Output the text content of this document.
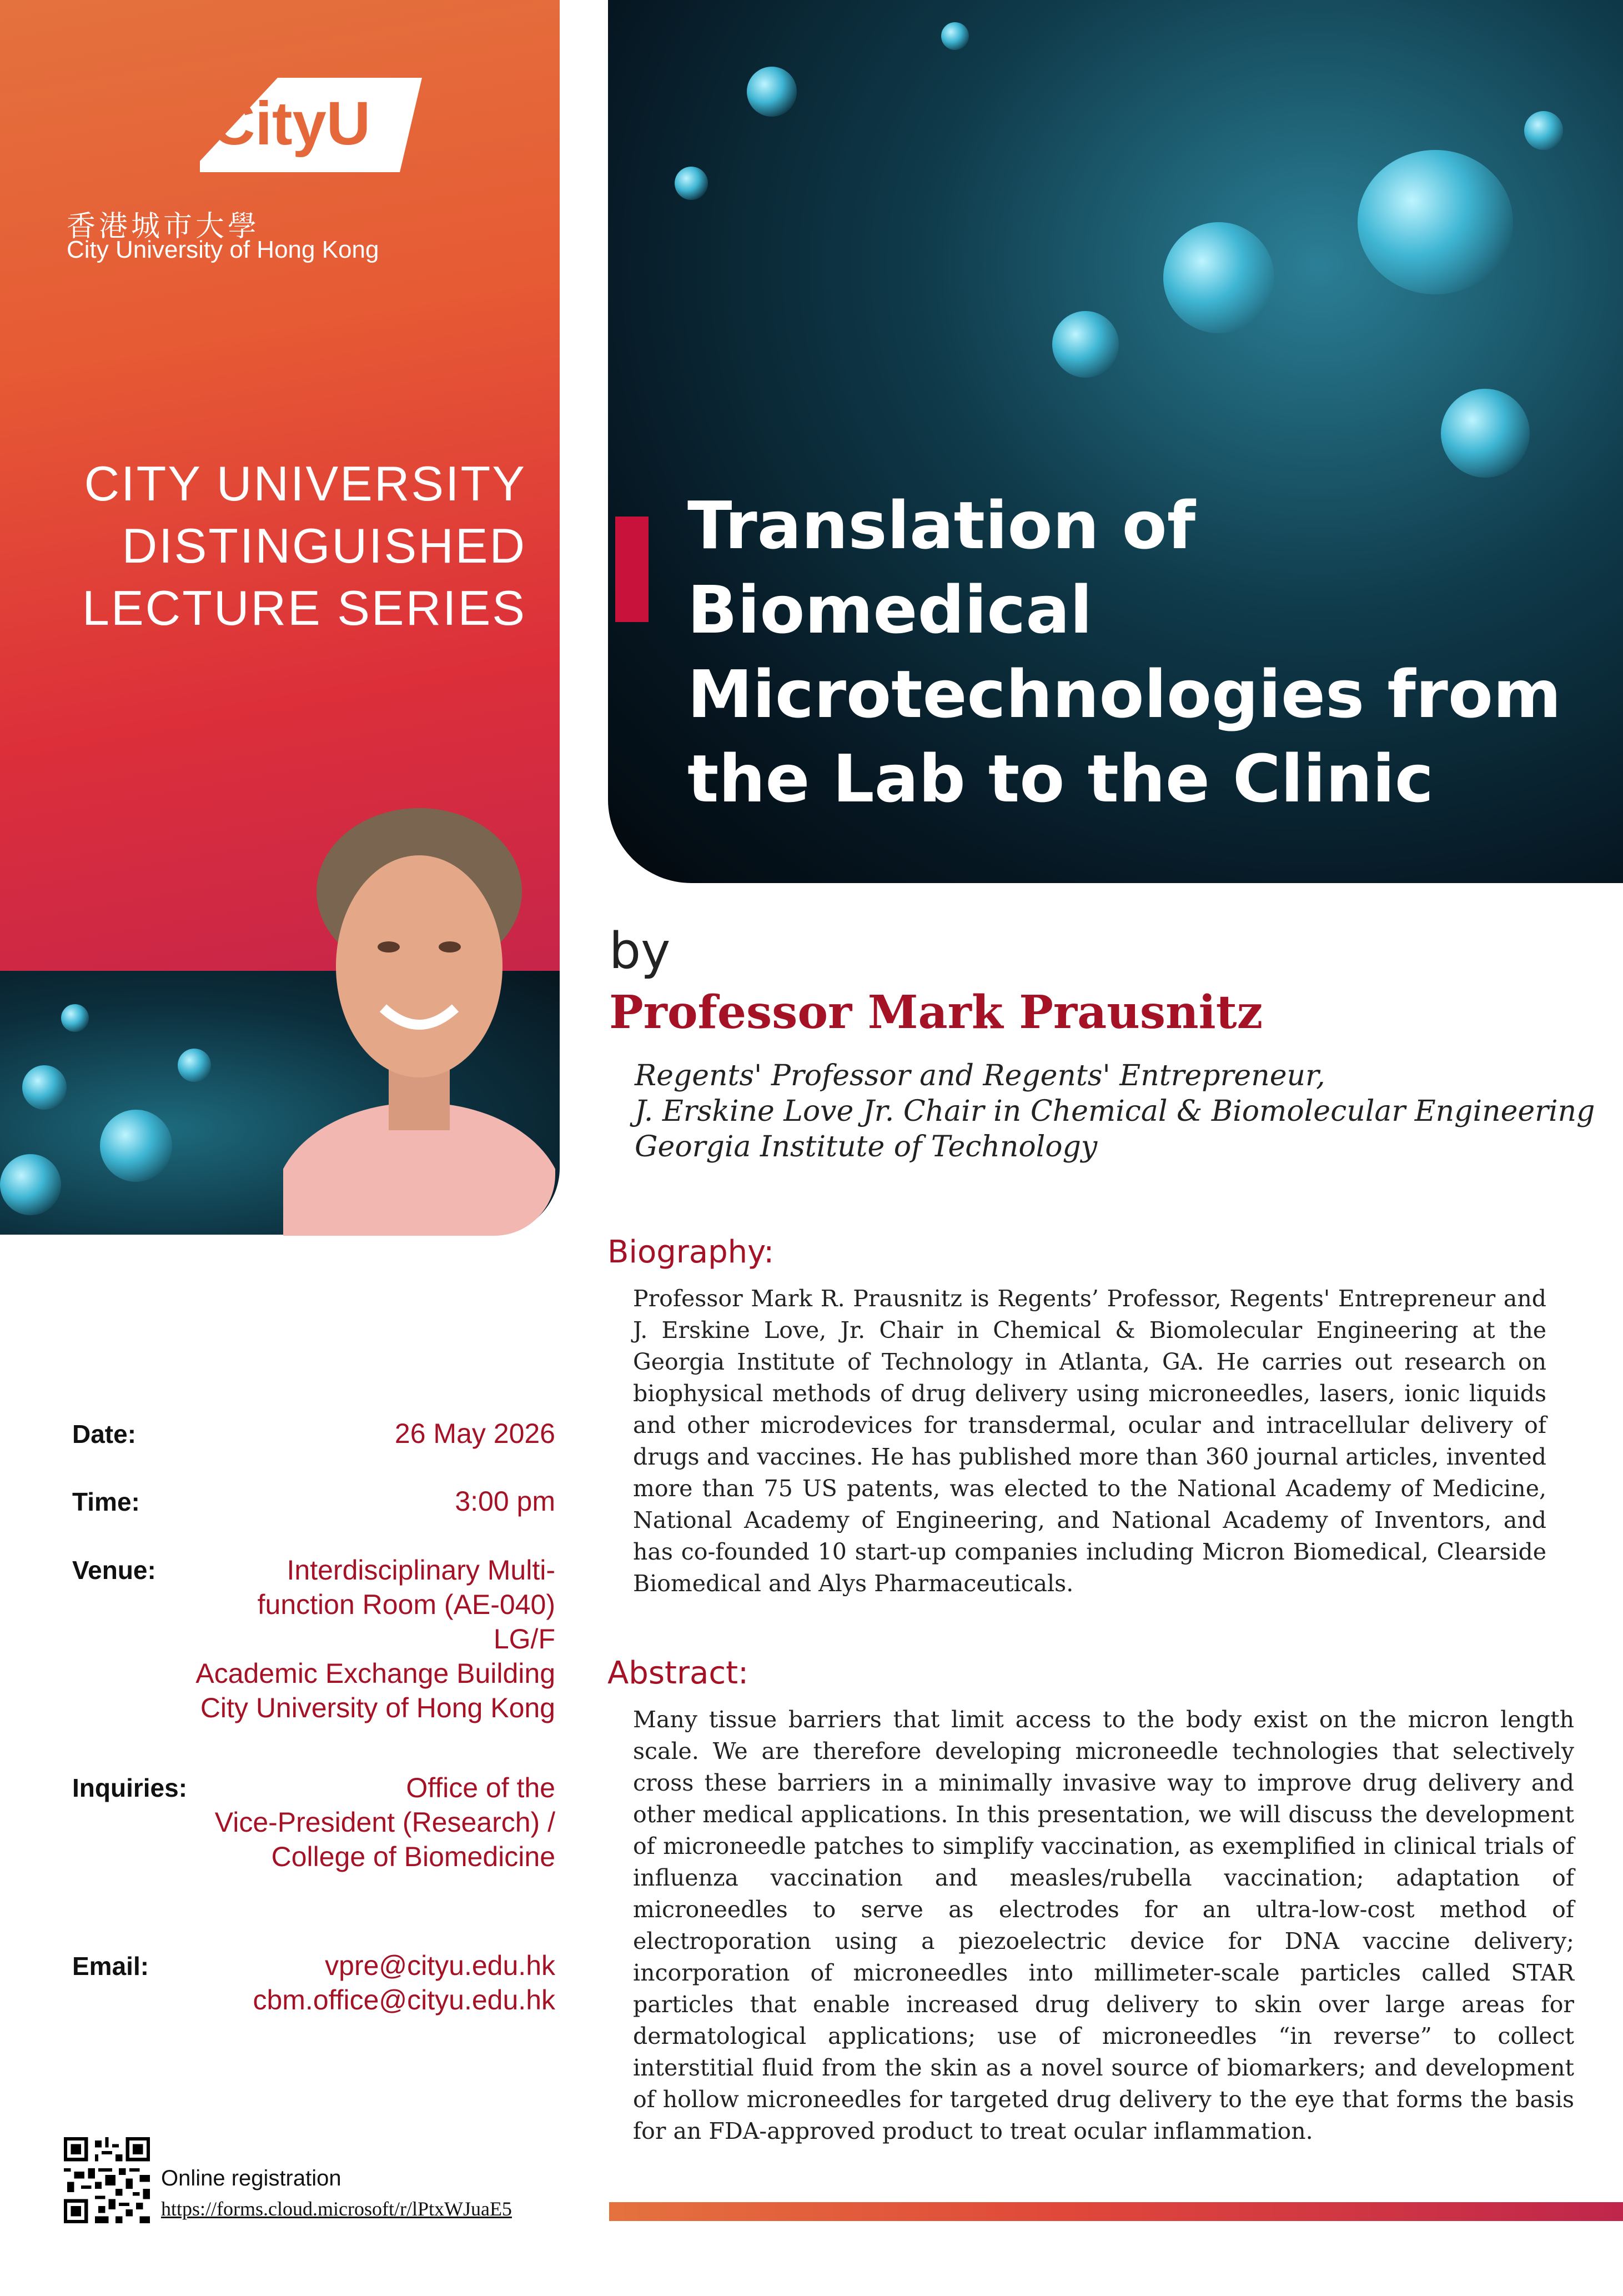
CityU
香港城市大學
City University of Hong Kong
CITY UNIVERSITY
DISTINGUISHED
LECTURE SERIES
Translation of
Biomedical
Microtechnologies from
the Lab to the Clinic
by
Professor Mark Prausnitz
Regents' Professor and Regents' Entrepreneur,
J. Erskine Love Jr. Chair in Chemical & Biomolecular Engineering
Georgia Institute of Technology
Biography:
Professor Mark R. Prausnitz is Regents’ Professor, Regents' Entrepreneur and J. Erskine Love, Jr. Chair in Chemical & Biomolecular Engineering at the Georgia Institute of Technology in Atlanta, GA. He carries out research on biophysical methods of drug delivery using microneedles, lasers, ionic liquids and other microdevices for transdermal, ocular and intracellular delivery of drugs and vaccines. He has published more than 360 journal articles, invented more than 75 US patents, was elected to the National Academy of Medicine, National Academy of Engineering, and National Academy of Inventors, and has co-founded 10 start-up companies including Micron Biomedical, Clearside Biomedical and Alys Pharmaceuticals.
Abstract:
Many tissue barriers that limit access to the body exist on the micron length scale. We are therefore developing microneedle technologies that selectively cross these barriers in a minimally invasive way to improve drug delivery and other medical applications. In this presentation, we will discuss the development of microneedle patches to simplify vaccination, as exemplified in clinical trials of influenza vaccination and measles/rubella vaccination; adaptation of microneedles to serve as electrodes for an ultra-low-cost method of electroporation using a piezoelectric device for DNA vaccine delivery; incorporation of microneedles into millimeter-scale particles called STAR particles that enable increased drug delivery to skin over large areas for dermatological applications; use of microneedles “in reverse” to collect interstitial fluid from the skin as a novel source of biomarkers; and development of hollow microneedles for targeted drug delivery to the eye that forms the basis for an FDA-approved product to treat ocular inflammation.
Date:	26 May 2026
Time:	3:00 pm
Venue:	Interdisciplinary Multi-
function Room (AE-040)
LG/F
Academic Exchange Building
City University of Hong Kong
Inquiries:	Office of the
Vice-President (Research) /
College of Biomedicine
Email:	vpre@cityu.edu.hk
cbm.office@cityu.edu.hk
Online registration
https://forms.cloud.microsoft/r/lPtxWJuaE5
